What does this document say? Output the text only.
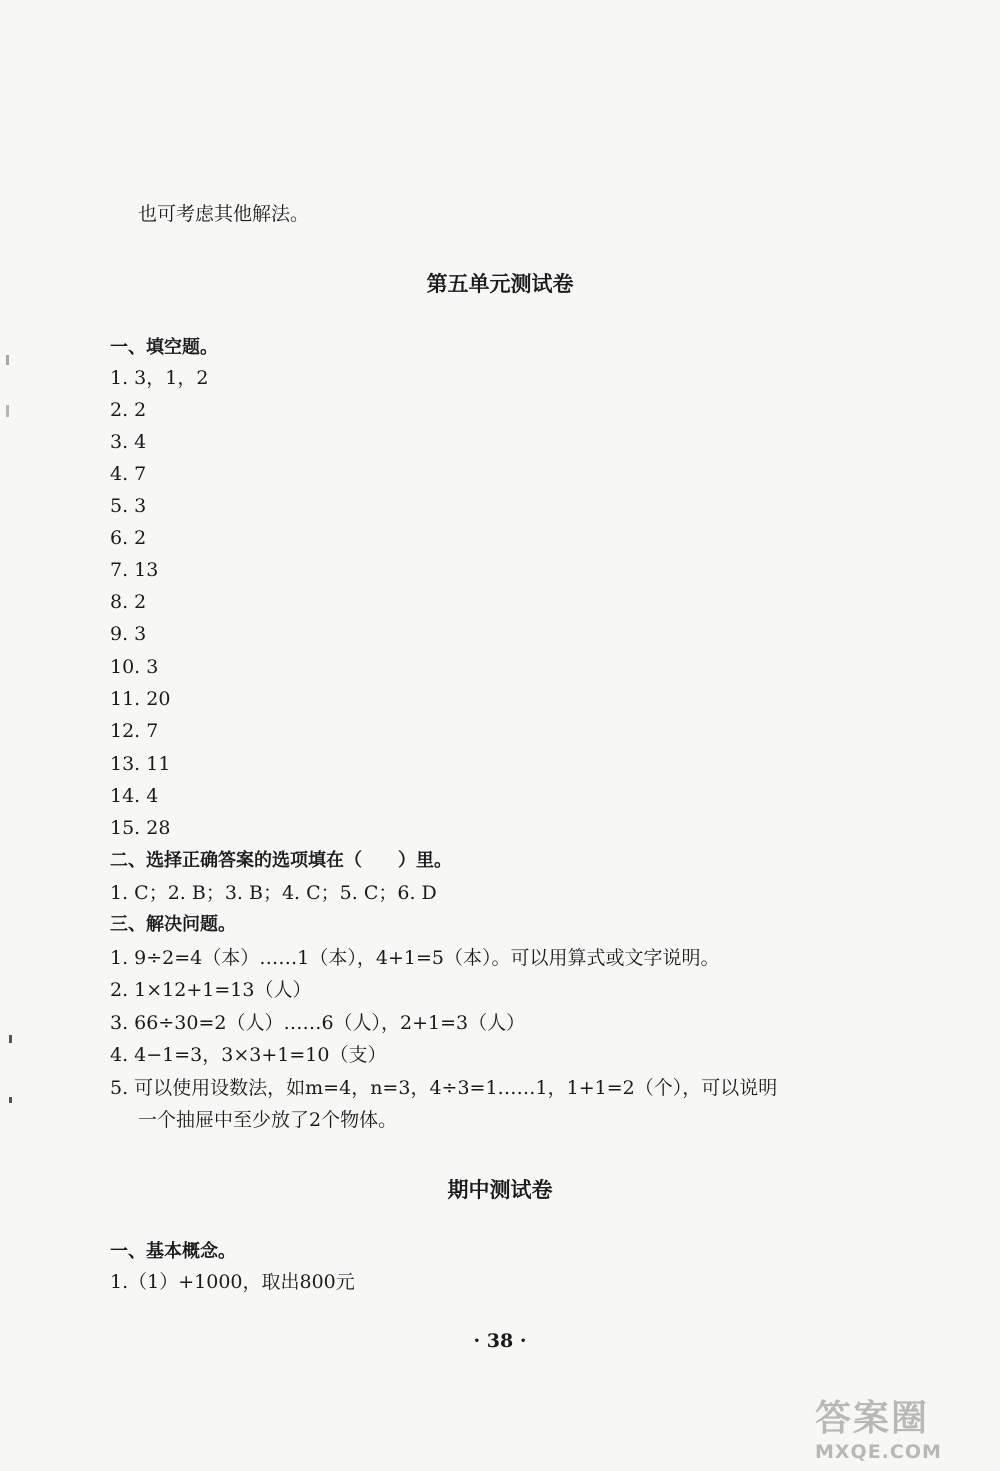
也可考虑其他解法。
第五单元测试卷
一、填空题。
1. 3，1，2
2. 2
3. 4
4. 7
5. 3
6. 2
7. 13
8. 2
9. 3
10. 3
11. 20
12. 7
13. 11
14. 4
15. 28
二、选择正确答案的选项填在（　　）里。
1. C；2. B；3. B；4. C；5. C；6. D
三、解决问题。
1. 9÷2=4（本）……1（本），4+1=5（本）。可以用算式或文字说明。
2. 1×12+1=13（人）
3. 66÷30=2（人）……6（人），2+1=3（人）
4. 4−1=3，3×3+1=10（支）
5. 可以使用设数法，如m=4，n=3，4÷3=1……1，1+1=2（个），可以说明
一个抽屉中至少放了2个物体。
期中测试卷
一、基本概念。
1.（1）+1000，取出800元
· 38 ·
答案圈
MXQE.COM
